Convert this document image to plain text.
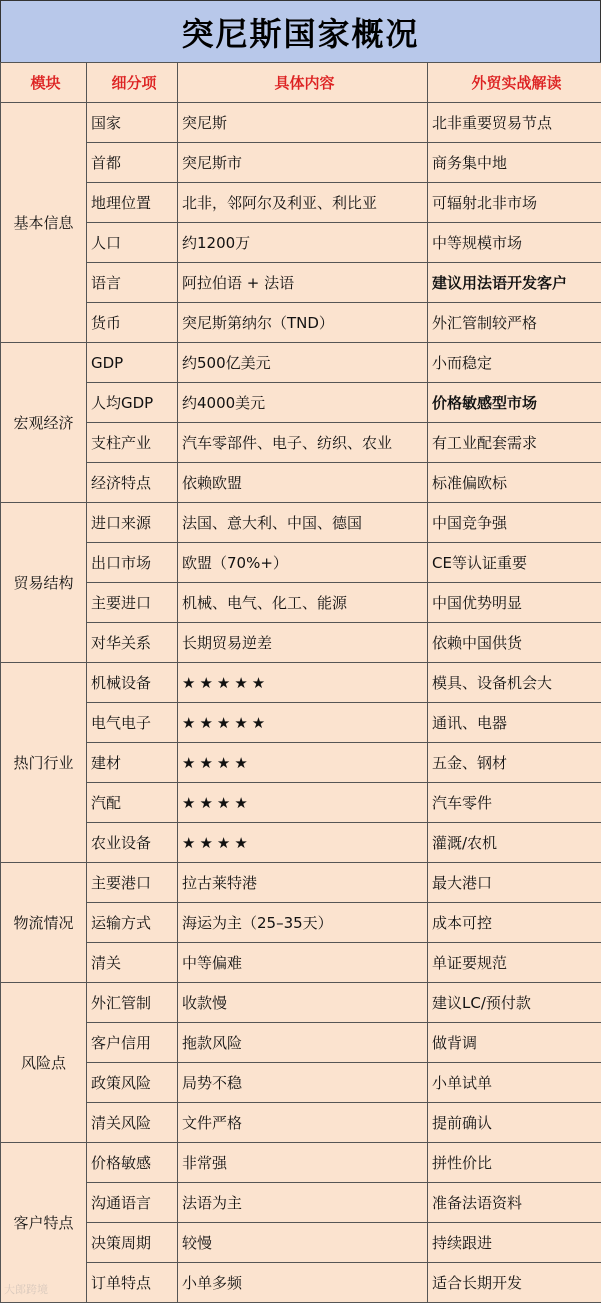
突尼斯国家概况
模块	细分项	具体内容	外贸实战解读
基本信息	国家	突尼斯	北非重要贸易节点
	首都	突尼斯市	商务集中地
	地理位置	北非，邻阿尔及利亚、利比亚	可辐射北非市场
	人口	约1200万	中等规模市场
	语言	阿拉伯语 + 法语	建议用法语开发客户
	货币	突尼斯第纳尔（TND）	外汇管制较严格
宏观经济	GDP	约500亿美元	小而稳定
	人均GDP	约4000美元	价格敏感型市场
	支柱产业	汽车零部件、电子、纺织、农业	有工业配套需求
	经济特点	依赖欧盟	标准偏欧标
贸易结构	进口来源	法国、意大利、中国、德国	中国竞争强
	出口市场	欧盟（70%+）	CE等认证重要
	主要进口	机械、电气、化工、能源	中国优势明显
	对华关系	长期贸易逆差	依赖中国供货
热门行业	机械设备	★★★★★	模具、设备机会大
	电气电子	★★★★★	通讯、电器
	建材	★★★★	五金、钢材
	汽配	★★★★	汽车零件
	农业设备	★★★★	灌溉/农机
物流情况	主要港口	拉古莱特港	最大港口
	运输方式	海运为主（25–35天）	成本可控
	清关	中等偏难	单证要规范
风险点	外汇管制	收款慢	建议LC/预付款
	客户信用	拖款风险	做背调
	政策风险	局势不稳	小单试单
	清关风险	文件严格	提前确认
客户特点	价格敏感	非常强	拼性价比
	沟通语言	法语为主	准备法语资料
	决策周期	较慢	持续跟进
	订单特点	小单多频	适合长期开发
大郎跨境
